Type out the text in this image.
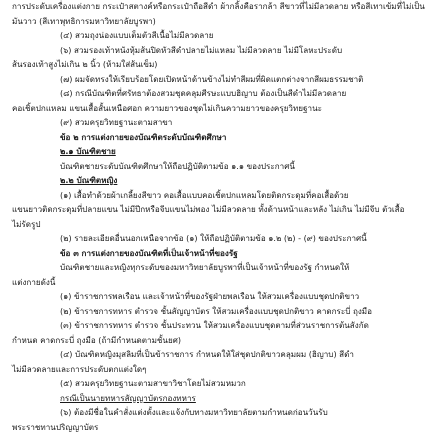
การประดับเครื่องแต่งกาย กระเป๋าสตางค์หรือกระเป๋าถือสีดำ ผ้ากลิ้งคือรากล้า สีขาวที่ไม่มีลวดลาย หรือสีเทาเข้มที่ไม่เป็น
มันวาว (สีเทาพุทธิการมหาวิทยาลัยบูรพา)
(๔) สวมถุงน่องแบบเต็มตัวสีเนื้อไม่มีลวดลาย
(๖) สวมรองเท้าหนังหุ้มส้นปิดหัวสีดำปลายไม่แหลม ไม่มีลวดลาย ไม่มีโลหะประดับ
ส้นรองเท้าสูงไม่เกิน ๒ นิ้ว (ห้ามใส่ส้นเข็ม)
(๗) ผมจัดทรงให้เรียบร้อยโดยเปิดหน้าด้านข้างไม่ทำสีผมที่ผิดแตกต่างจากสีผมธรรมชาติ
(๘) กรณีบัณฑิตที่ศรัทธาต้องสวมชุดคลุมศีรษะแบบฮิญาบ ต้องเป็นสีดำไม่มีลวดลาย
คอเชิ้ตปกแหลม แขนเสื้อสั้นเหนือศอก ความยาวของชุดไม่เกินความยาวของครุยวิทยฐานะ
(๙) สวมครุยวิทยฐานะตามสาขา
ข้อ ๒ การแต่งกายของบัณฑิตระดับบัณฑิตศึกษา
๒.๑ บัณฑิตชาย
บัณฑิตชายระดับบัณฑิตศึกษาให้ถือปฏิบัติตามข้อ ๑.๑ ของประกาศนี้
๒.๒ บัณฑิตหญิง
(๑) เสื้อทำด้วยผ้าเกลี้ยงสีขาว คอเสื้อแบบคอเชิ้ตปกแหลมโดยติดกระดุมที่คอเสื้อด้วย
แขนยาวติดกระดุมที่ปลายแขน ไม่มีปีกหรือจีบแขนไม่พอง ไม่มีลวดลาย ทั้งด้านหน้าและหลัง ไม่เกิน ไม่มีจีบ ตัวเสื้อ
ไม่รัดรูป
(๒) รายละเอียดอื่นนอกเหนือจากข้อ (๑) ให้ถือปฏิบัติตามข้อ ๑.๒ (๒) - (๙) ของประกาศนี้
ข้อ ๓ การแต่งกายของบัณฑิตที่เป็นเจ้าหน้าที่ของรัฐ
บัณฑิตชายและหญิงทุกระดับของมหาวิทยาลัยบูรพาที่เป็นเจ้าหน้าที่ของรัฐ กำหนดให้
แต่งกายดังนี้
(๑) ข้าราชการพลเรือน และเจ้าหน้าที่ของรัฐฝ่ายพลเรือน ให้สวมเครื่องแบบชุดปกติขาว
(๒) ข้าราชการทหาร ตำรวจ ชั้นสัญญาบัตร ให้สวมเครื่องแบบชุดปกติขาว คาดกระบี่ ถุงมือ
(๓) ข้าราชการทหาร ตำรวจ ชั้นประทวน ให้สวมเครื่องแบบชุดตามที่ส่วนราชการต้นสังกัด
กำหนด คาดกระบี่ ถุงมือ (ถ้ามีกำหนดตามชั้นยศ)
(๔) บัณฑิตหญิงมุสลิมที่เป็นข้าราชการ กำหนดให้ใส่ชุดปกติขาวคลุมผม (ฮิญาบ) สีดำ
ไม่มีลวดลายและการประดับตกแต่งใดๆ
(๕) สวมครุยวิทยฐานะตามสาขาวิชาโดยไม่สวมหมวก
กรณีเป็นนายทหารสัญญาบัตรกองทหาร
(๖) ต้องมีชื่อในคำสั่งแต่งตั้งและแจ้งกับทางมหาวิทยาลัยตามกำหนดก่อนวันรับ
พระราชทานปริญญาบัตร
